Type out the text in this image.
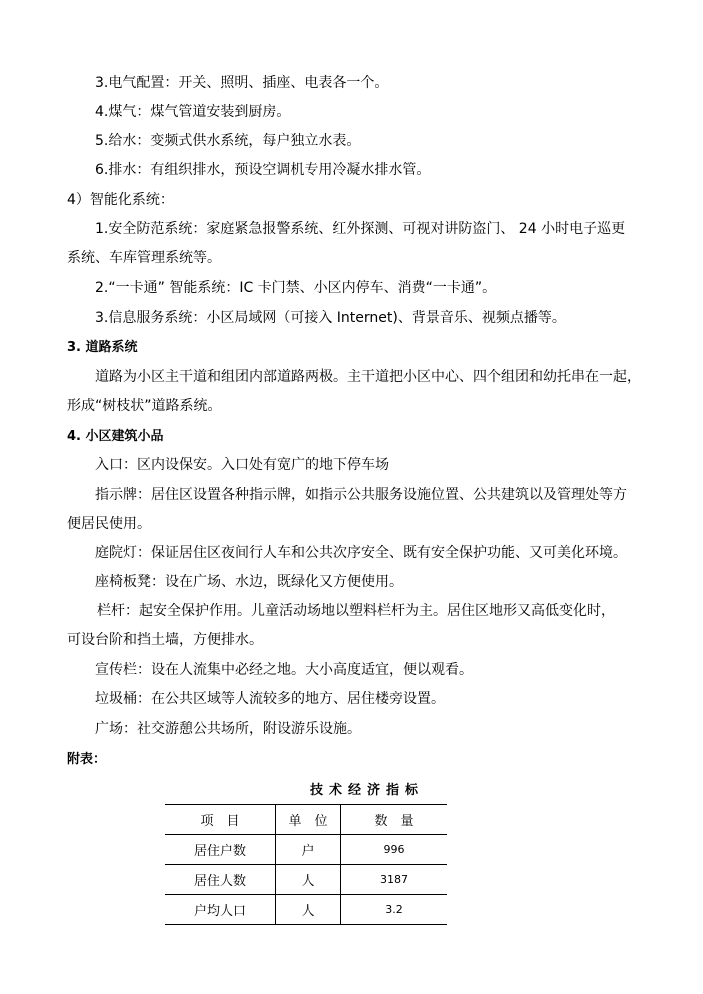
3.电气配置：开关、照明、插座、电表各一个。
4.煤气：煤气管道安装到厨房。
5.给水：变频式供水系统，每户独立水表。
6.排水：有组织排水，预设空调机专用冷凝水排水管。
4）智能化系统：
1.安全防范系统：家庭紧急报警系统、红外探测、可视对讲防盗门、 24 小时电子巡更
系统、车库管理系统等。
2.“一卡通” 智能系统：IC 卡门禁、小区内停车、消费“一卡通”。
3.信息服务系统：小区局域网（可接入 Internet)、背景音乐、视频点播等。
3. 道路系统
道路为小区主干道和组团内部道路两极。主干道把小区中心、四个组团和幼托串在一起，
形成“树枝状”道路系统。
4. 小区建筑小品
入口：区内设保安。入口处有宽广的地下停车场
指示牌：居住区设置各种指示牌，如指示公共服务设施位置、公共建筑以及管理处等方
便居民使用。
庭院灯：保证居住区夜间行人车和公共次序安全、既有安全保护功能、又可美化环境。
座椅板凳：设在广场、水边，既绿化又方便使用。
栏杆：起安全保护作用。儿童活动场地以塑料栏杆为主。居住区地形又高低变化时，
可设台阶和挡土墙，方便排水。
宣传栏：设在人流集中必经之地。大小高度适宜，便以观看。
垃圾桶：在公共区域等人流较多的地方、居住楼旁设置。
广场：社交游憩公共场所，附设游乐设施。
附表：
技术经济指标
项　目	单　位	数　量
居住户数	户	996
居住人数	人	3187
户均人口	人	3.2
